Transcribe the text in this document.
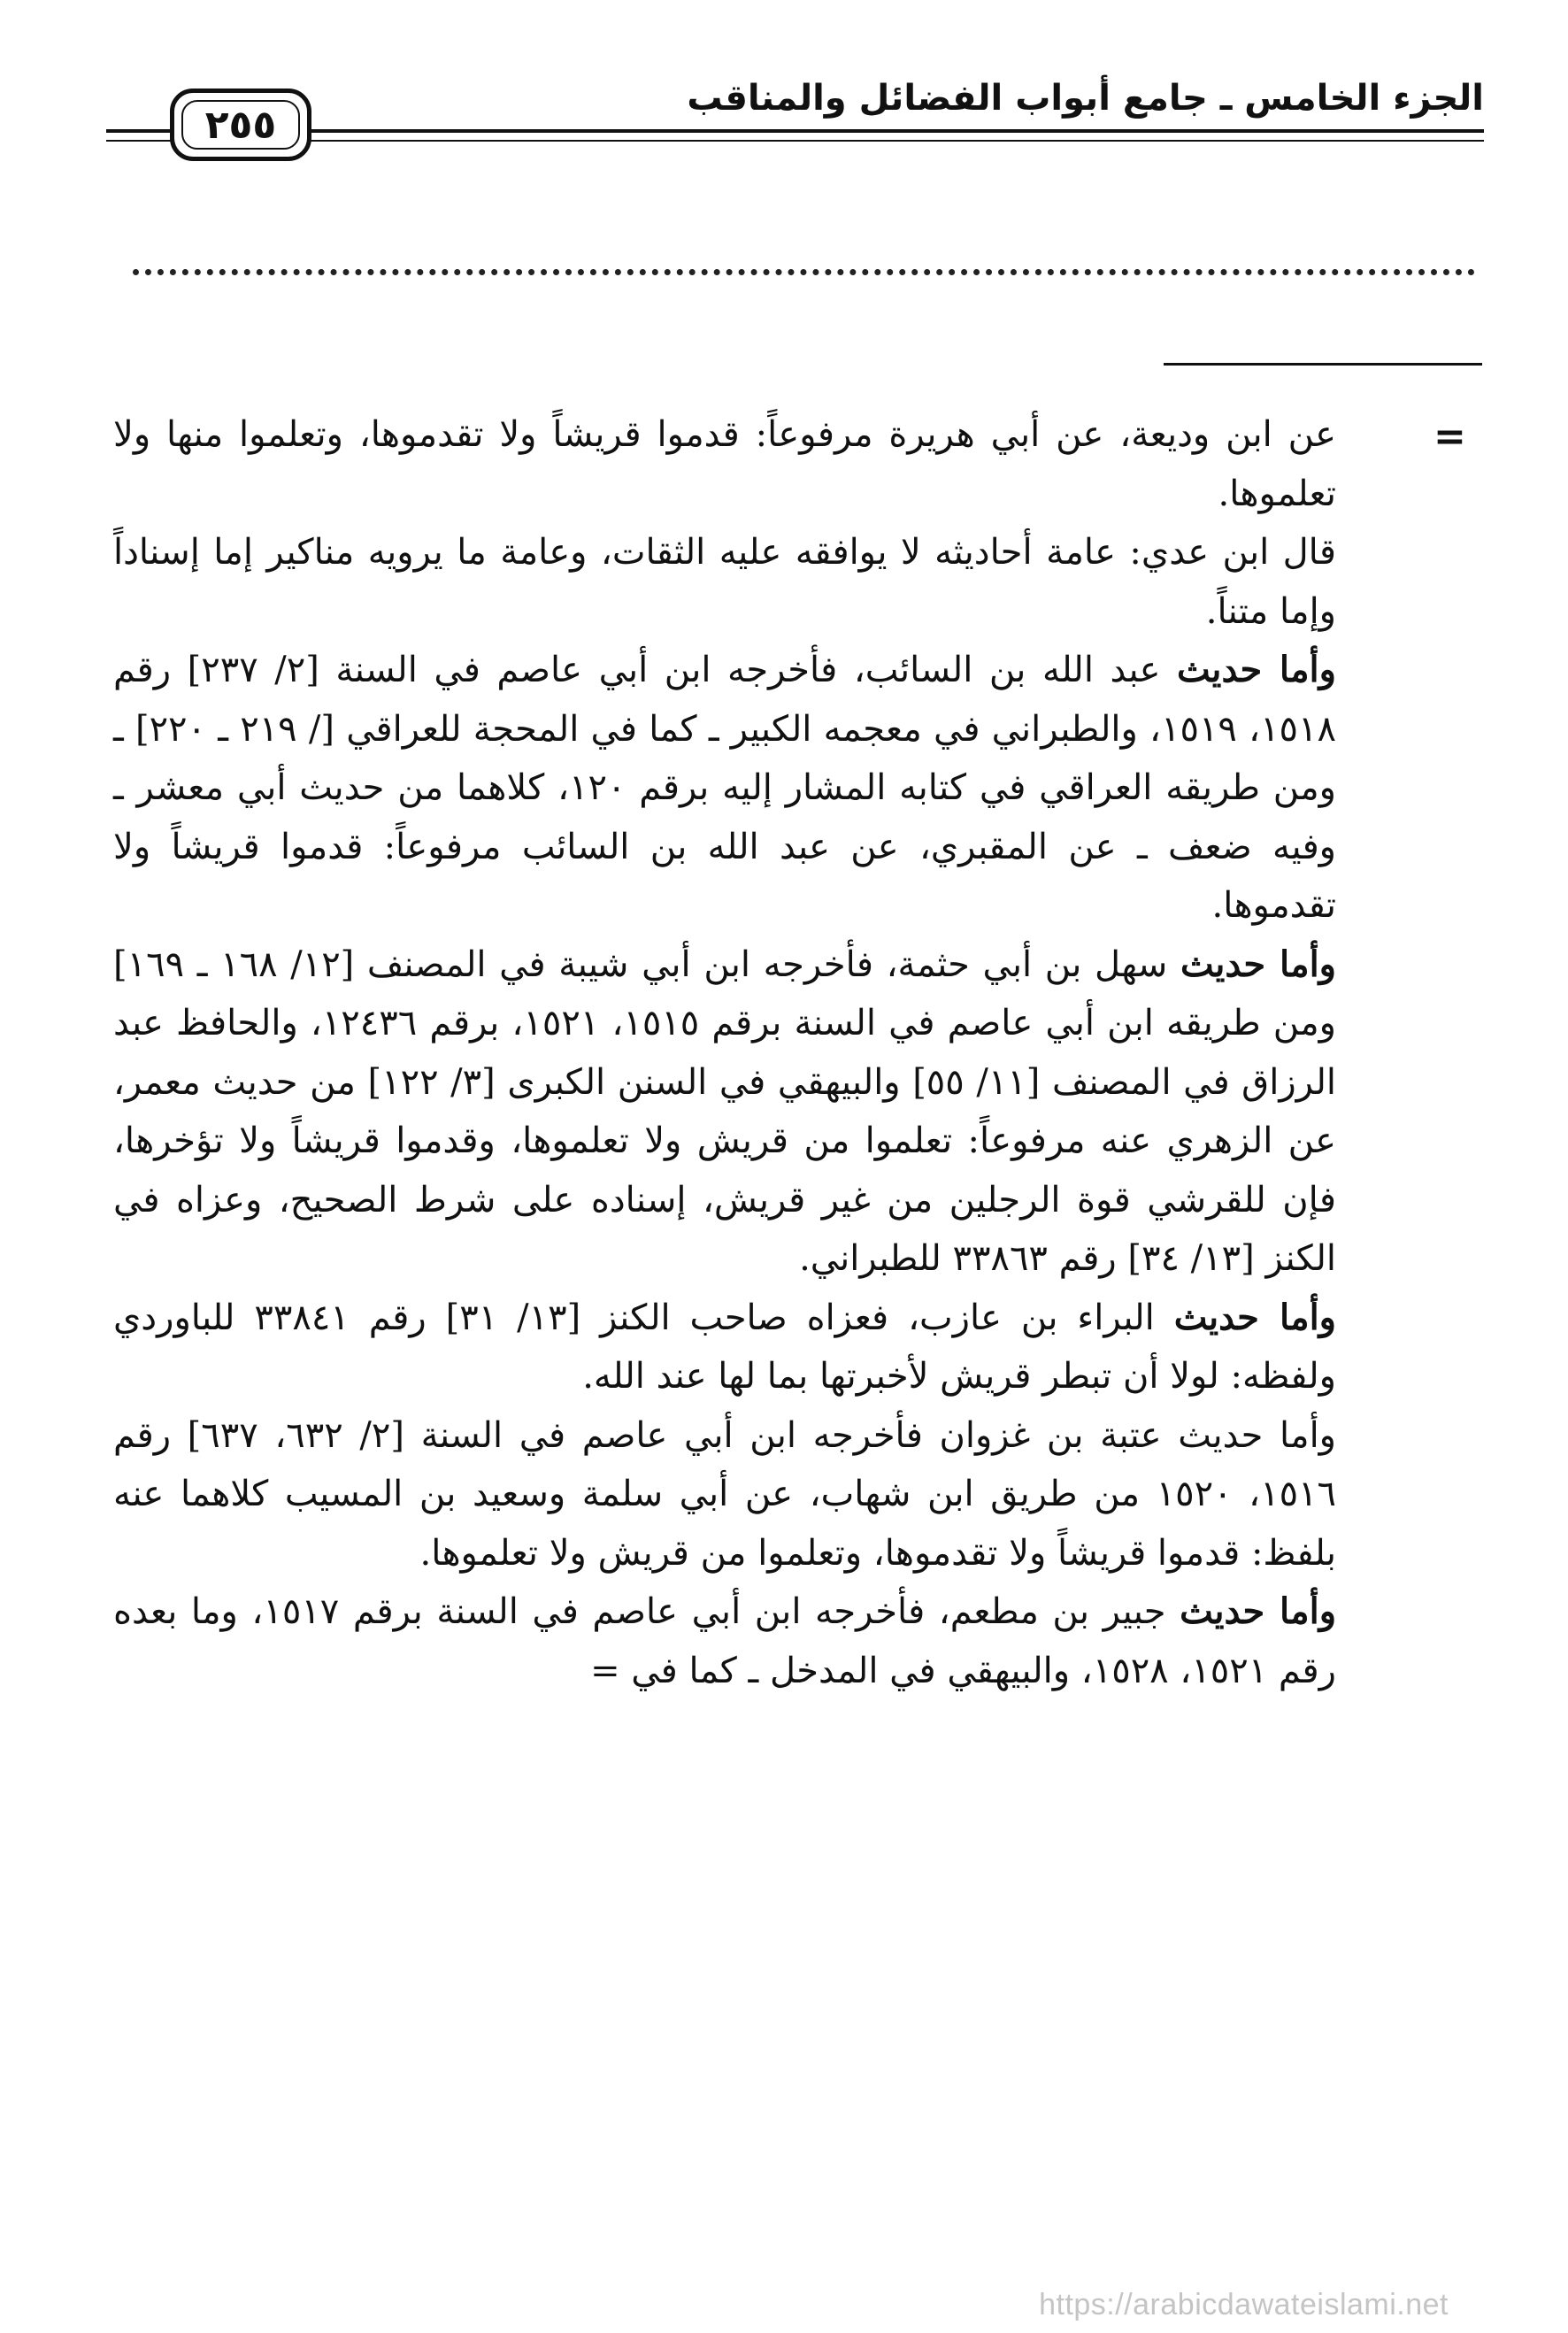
الجزء الخامس ـ جامع أبواب الفضائل والمناقب
٢٥٥
=

عن ابن وديعة، عن أبي هريرة مرفوعاً: قدموا قريشاً ولا تقدموها، وتعلموا منها ولا تعلموها.

قال ابن عدي: عامة أحاديثه لا يوافقه عليه الثقات، وعامة ما يرويه مناكير إما إسناداً وإما متناً.

وأما حديث عبد الله بن السائب، فأخرجه ابن أبي عاصم في السنة [٢/ ٢٣٧] رقم ١٥١٨، ١٥١٩، والطبراني في معجمه الكبير ـ كما في المحجة للعراقي [/ ٢١٩ ـ ٢٢٠] ـ ومن طريقه العراقي في كتابه المشار إليه برقم ١٢٠، كلاهما من حديث أبي معشر ـ وفيه ضعف ـ عن المقبري، عن عبد الله بن السائب مرفوعاً: قدموا قريشاً ولا تقدموها.

وأما حديث سهل بن أبي حثمة، فأخرجه ابن أبي شيبة في المصنف [١٢/ ١٦٨ ـ ١٦٩] ومن طريقه ابن أبي عاصم في السنة برقم ١٥١٥، ١٥٢١، برقم ١٢٤٣٦، والحافظ عبد الرزاق في المصنف [١١/ ٥٥] والبيهقي في السنن الكبرى [٣/ ١٢٢] من حديث معمر، عن الزهري عنه مرفوعاً: تعلموا من قريش ولا تعلموها، وقدموا قريشاً ولا تؤخرها، فإن للقرشي قوة الرجلين من غير قريش، إسناده على شرط الصحيح، وعزاه في الكنز [١٣/ ٣٤] رقم ٣٣٨٦٣ للطبراني.

وأما حديث البراء بن عازب، فعزاه صاحب الكنز [١٣/ ٣١] رقم ٣٣٨٤١ للباوردي ولفظه: لولا أن تبطر قريش لأخبرتها بما لها عند الله.

وأما حديث عتبة بن غزوان فأخرجه ابن أبي عاصم في السنة [٢/ ٦٣٢، ٦٣٧] رقم ١٥١٦، ١٥٢٠ من طريق ابن شهاب، عن أبي سلمة وسعيد بن المسيب كلاهما عنه بلفظ: قدموا قريشاً ولا تقدموها، وتعلموا من قريش ولا تعلموها.

وأما حديث جبير بن مطعم، فأخرجه ابن أبي عاصم في السنة برقم ١٥١٧، وما بعده رقم ١٥٢١، ١٥٢٨، والبيهقي في المدخل ـ كما في =

https://arabicdawateislami.net
